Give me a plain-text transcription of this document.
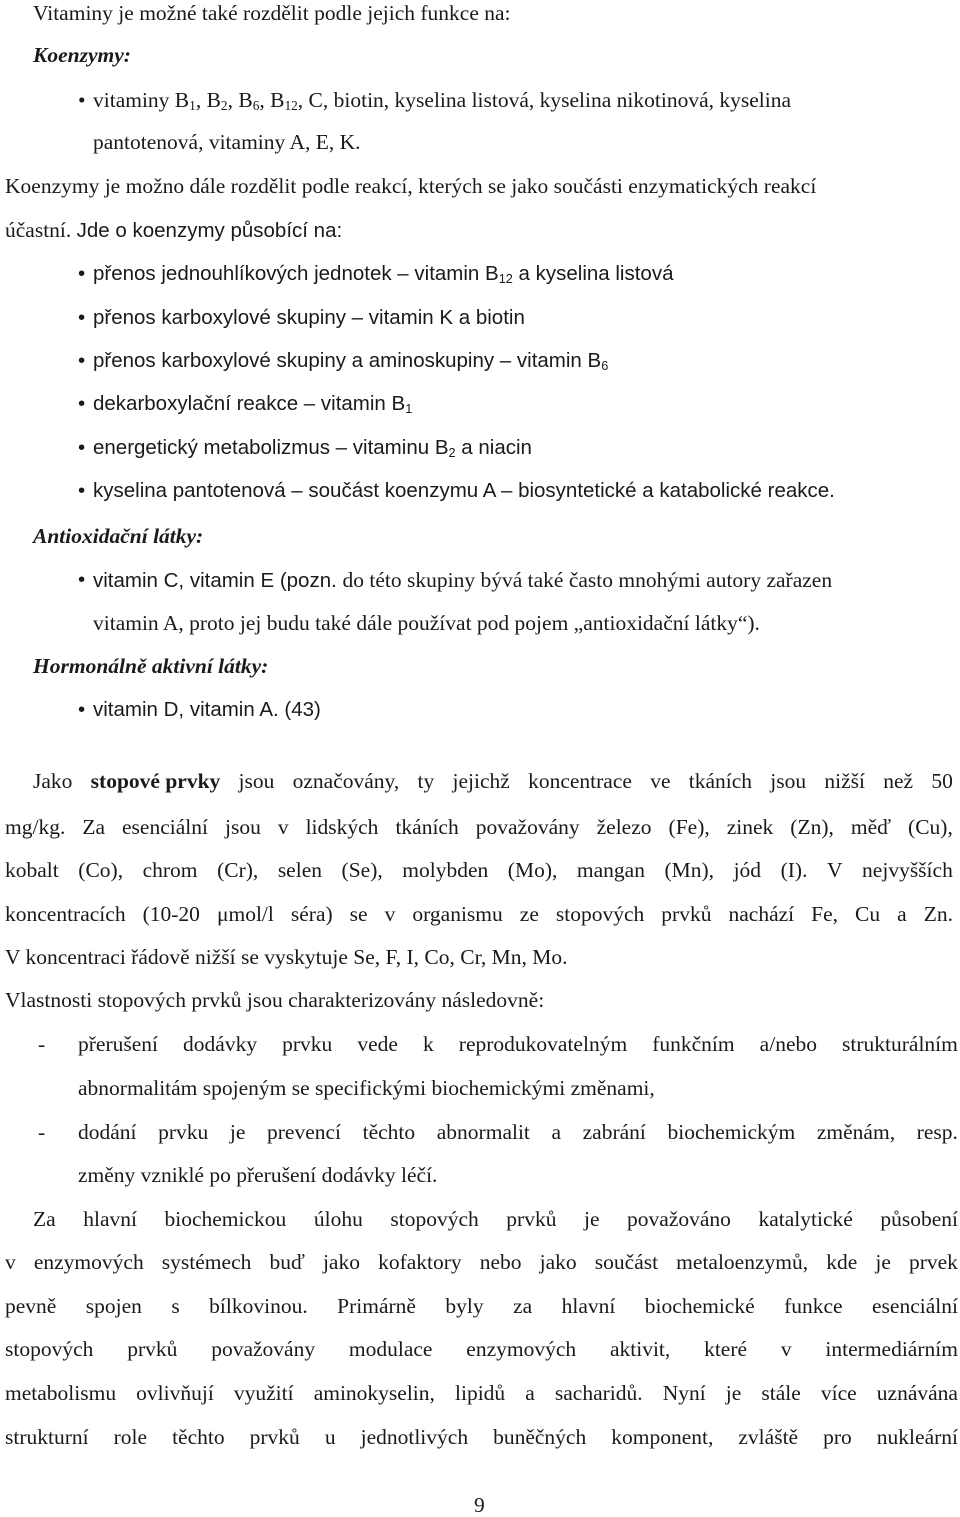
Vitaminy je možné také rozdělit podle jejich funkce na:
Koenzymy:
• vitaminy $B_1$, $B_2$, $B_6$, $B_{12}$, C, biotin, kyselina listová, kyselina nikotinová, kyselina
pantotenová, vitaminy A, E, K.
Koenzymy je možno dále rozdělit podle reakcí, kterých se jako součásti enzymatických reakcí
účastní. Jde o koenzymy působící na:
• přenos jednouhlíkových jednotek – vitamin $B_{12}$ a kyselina listová
• přenos karboxylové skupiny – vitamin K a biotin
• přenos karboxylové skupiny a aminoskupiny – vitamin $B_6$
• dekarboxylační reakce – vitamin $B_1$
• energetický metabolizmus – vitaminu $B_2$ a niacin
• kyselina pantotenová – součást koenzymu A – biosyntetické a katabolické reakce.
Antioxidační látky:
• vitamin C, vitamin E (pozn. do této skupiny bývá také často mnohými autory zařazen
vitamin A, proto jej budu také dále používat pod pojem „antioxidační látky“).
Hormonálně aktivní látky:
• vitamin D, vitamin A. (43)
Jako stopové prvky jsou označovány, ty jejichž koncentrace ve tkáních jsou nižší než 50
mg/kg. Za esenciální jsou v lidských tkáních považovány železo (Fe), zinek (Zn), měď (Cu),
kobalt (Co), chrom (Cr), selen (Se), molybden (Mo), mangan (Mn), jód (I). V nejvyšších
koncentracích (10-20 μmol/l séra) se v organismu ze stopových prvků nachází Fe, Cu a Zn.
V koncentraci řádově nižší se vyskytuje Se, F, I, Co, Cr, Mn, Mo.
Vlastnosti stopových prvků jsou charakterizovány následovně:
- přerušení dodávky prvku vede k reprodukovatelným funkčním a/nebo strukturálním
abnormalitám spojeným se specifickými biochemickými změnami,
- dodání prvku je prevencí těchto abnormalit a zabrání biochemickým změnám, resp.
změny vzniklé po přerušení dodávky léčí.
Za hlavní biochemickou úlohu stopových prvků je považováno katalytické působení
v enzymových systémech buď jako kofaktory nebo jako součást metaloenzymů, kde je prvek
pevně spojen s bílkovinou. Primárně byly za hlavní biochemické funkce esenciální
stopových prvků považovány modulace enzymových aktivit, které v intermediárním
metabolismu ovlivňují využití aminokyselin, lipidů a sacharidů. Nyní je stále více uznávána
strukturní role těchto prvků u jednotlivých buněčných komponent, zvláště pro nukleární
9
